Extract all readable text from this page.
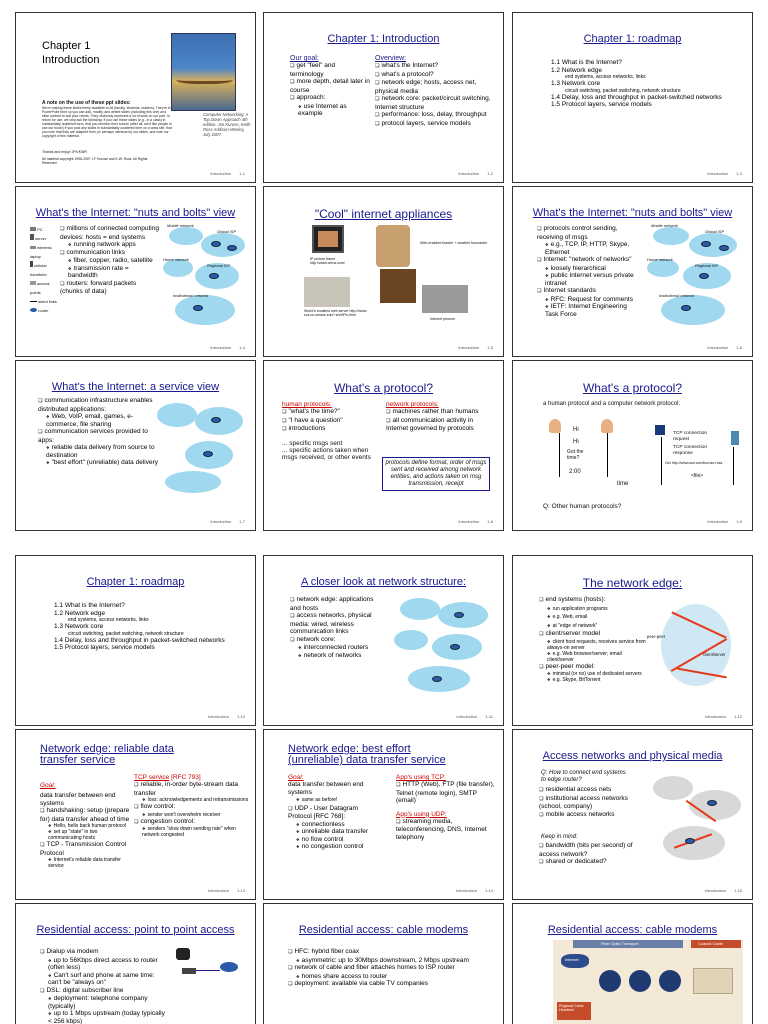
Chapter 1
Introduction
Computer Networking: A Top Down Approach 4th edition. Jim Kurose, Keith Ross Addison-Wesley, July 2007.
A note on the use of these ppt slides:
We're making these slides freely available to all (faculty, students, readers). They're in PowerPoint form so you can add, modify, and delete slides (including this one) and slide content to suit your needs. They obviously represent a lot of work on our part. In return for use, we only ask the following: If you use these slides (e.g., in a class) in substantially unaltered form, that you mention their source (after all, we'd like people to use our book!) If you post any slides in substantially unaltered form on a www site, that you note that they are adapted from (or perhaps identical to) our slides, and note our copyright of this material.
Thanks and enjoy! JFK/KWR
All material copyright 1996-2007 J.F Kurose and K.W. Ross, All Rights Reserved
Introduction 1-1
Chapter 1: Introduction
Our goal:
❏ get "feel" and terminology
❏ more depth, detail later in course
❏ approach:
❖ use Internet as example
Overview:
❏ what's the Internet?
❏ what's a protocol?
❏ network edge; hosts, access net, physical media
❏ network core: packet/circuit switching, Internet structure
❏ performance: loss, delay, throughput
❏ protocol layers, service models
Introduction 1-2
Chapter 1: roadmap
1.1 What is the Internet?
1.2 Network edge
end systems, access networks, links
1.3 Network core
circuit switching, packet switching, network structure
1.4 Delay, loss and throughput in packet-switched networks
1.5 Protocol layers, service models
Introduction 1-3
What's the Internet: "nuts and bolts" view
PC
server
wireless laptop
cellular handheld
access points
wired links
router
❏ millions of connected computing devices: hosts = end systems
❖ running network apps
❏ communication links
❖ fiber, copper, radio, satellite
❖ transmission rate = bandwidth
❏ routers: forward packets (chunks of data)
Mobile network
Global ISP
Home network
Regional ISP
Institutional network
Introduction 1-4
"Cool" internet appliances
IP picture frame http://www.ceiva.com/
Web-enabled toaster + weather forecaster
World's smallest web server http://www-ccs.cs.umass.edu/~shri/iPic.html
Internet phones
Introduction 1-5
What's the Internet: "nuts and bolts" view
❏ protocols control sending, receiving of msgs
❖ e.g., TCP, IP, HTTP, Skype, Ethernet
❏ Internet: "network of networks"
❖ loosely hierarchical
❖ public Internet versus private intranet
❏ Internet standards
❖ RFC: Request for comments
❖ IETF: Internet Engineering Task Force
Mobile network
Global ISP
Home network
Regional ISP
Institutional network
Introduction 1-6
What's the Internet: a service view
❏ communication infrastructure enables distributed applications:
❖ Web, VoIP, email, games, e-commerce, file sharing
❏ communication services provided to apps:
❖ reliable data delivery from source to destination
❖ "best effort" (unreliable) data delivery
Introduction 1-7
What's a protocol?
human protocols:
❏ "what's the time?"
❏ "I have a question"
❏ introductions
... specific msgs sent
... specific actions taken when msgs received, or other events
network protocols:
❏ machines rather than humans
❏ all communication activity in Internet governed by protocols
protocols define format, order of msgs sent and received among network entities, and actions taken on msg transmission, receipt
Introduction 1-8
What's a protocol?
a human protocol and a computer network protocol:
Hi
Hi
Got the time?
2:00
TCP connection request
TCP connection response
Get http://www.awl.com/kurose-ross
<file>
time
Q: Other human protocols?
Introduction 1-9
Chapter 1: roadmap
1.1 What is the Internet?
1.2 Network edge
end systems, access networks, links
1.3 Network core
circuit switching, packet switching, network structure
1.4 Delay, loss and throughput in packet-switched networks
1.5 Protocol layers, service models
Introduction 1-10
A closer look at network structure:
❏ network edge: applications and hosts
❏ access networks, physical media: wired, wireless communication links
❏ network core:
❖ interconnected routers
❖ network of networks
Introduction 1-11
The network edge:
❏ end systems (hosts):
❖ run application programs
❖ e.g. Web, email
❖ at "edge of network"
❏ client/server model
❖ client host requests, receives service from always-on server
❖ e.g. Web browser/server; email client/server
❏ peer-peer model:
❖ minimal (or no) use of dedicated servers
❖ e.g. Skype, BitTorrent
peer-peer
client/server
Introduction 1-12
Network edge: reliable data transfer service
Goal:
data transfer between end systems
❏ handshaking: setup (prepare for) data transfer ahead of time
❖ Hello, hello back human protocol
❖ set up "state" in two communicating hosts
❏ TCP - Transmission Control Protocol
❖ Internet's reliable data transfer service
TCP service [RFC 793]
❏ reliable, in-order byte-stream data transfer
❖ loss: acknowledgements and retransmissions
❏ flow control:
❖ sender won't overwhelm receiver
❏ congestion control:
❖ senders "slow down sending rate" when network congested
Introduction 1-13
Network edge: best effort (unreliable) data transfer service
Goal:
data transfer between end systems
❖ same as before!
❏ UDP - User Datagram Protocol [RFC 768]:
❖ connectionless
❖ unreliable data transfer
❖ no flow control
❖ no congestion control
App's using TCP:
❏ HTTP (Web), FTP (file transfer), Telnet (remote login), SMTP (email)
App's using UDP:
❏ streaming media, teleconferencing, DNS, Internet telephony
Introduction 1-14
Access networks and physical media
Q: How to connect end systems to edge router?
❏ residential access nets
❏ institutional access networks (school, company)
❏ mobile access networks
Keep in mind:
❏ bandwidth (bits per second) of access network?
❏ shared or dedicated?
Introduction 1-15
Residential access: point to point access
❏ Dialup via modem
❖ up to 56Kbps direct access to router (often less)
❖ Can't surf and phone at same time: can't be "always on"
❏ DSL: digital subscriber line
❖ deployment: telephone company (typically)
❖ up to 1 Mbps upstream (today typically < 256 kbps)
Residential access: cable modems
❏ HFC: hybrid fiber coax
❖ asymmetric: up to 30Mbps downstream, 2 Mbps upstream
❏ network of cable and fiber attaches homes to ISP router
❖ homes share access to router
❏ deployment: available via cable TV companies
Residential access: cable modems
Fiber Optic Transport	Coaxial Cable
Internet
Regional Cable Headend
